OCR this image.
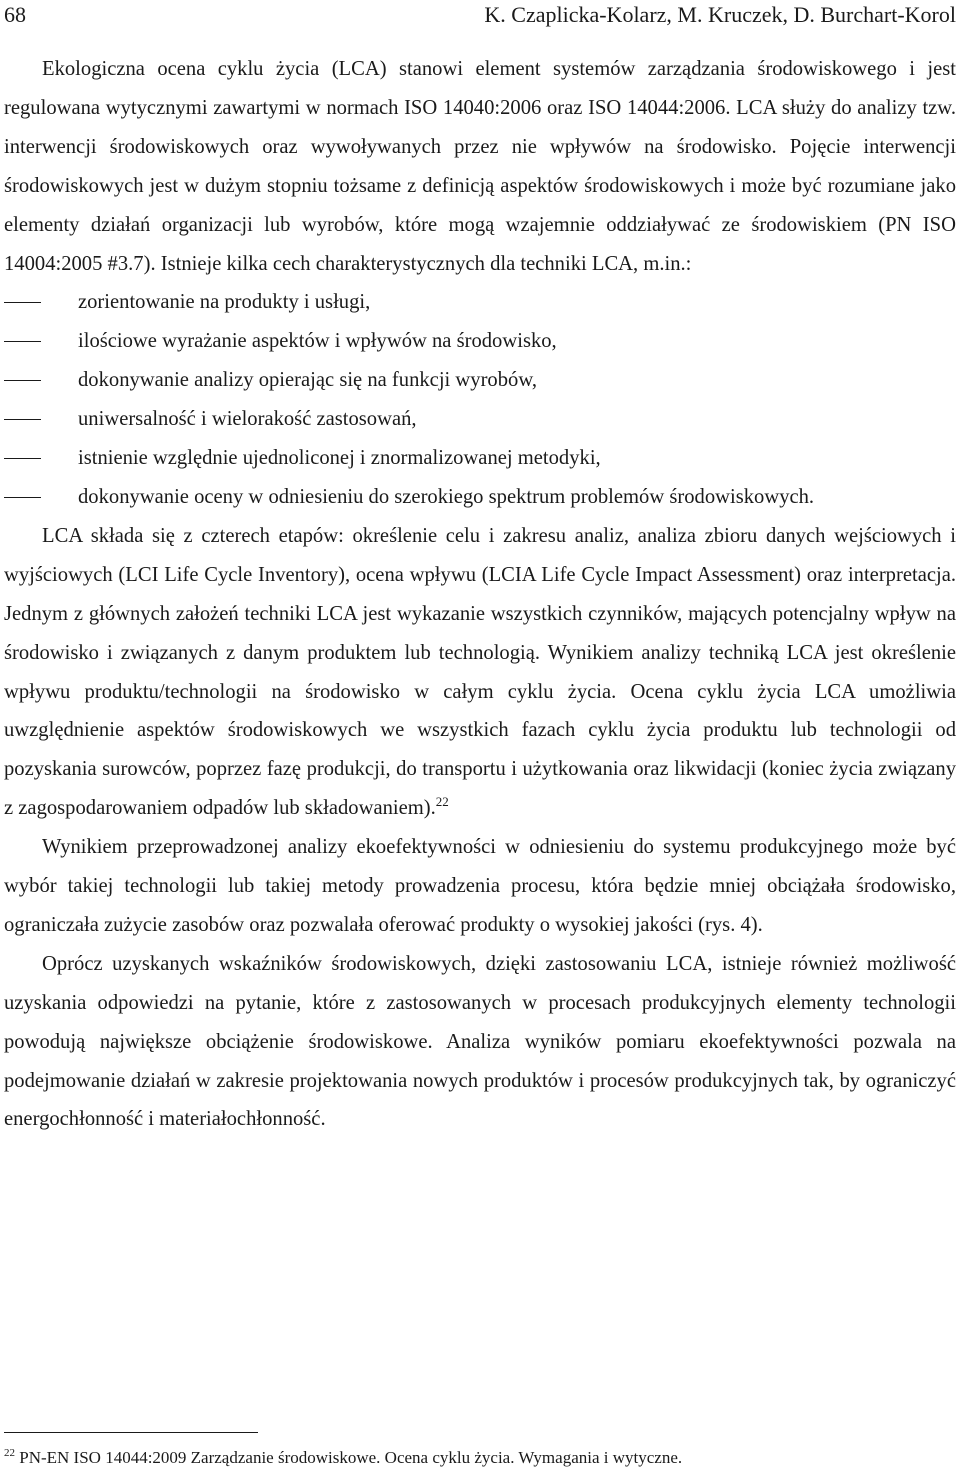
68	K. Czaplicka-Kolarz, M. Kruczek, D. Burchart-Korol

Ekologiczna ocena cyklu życia (LCA) stanowi element systemów zarządzania środowiskowego i jest regulowana wytycznymi zawartymi w normach ISO 14040:2006 oraz ISO 14044:2006. LCA służy do analizy tzw. interwencji środowiskowych oraz wywoływanych przez nie wpływów na środowisko. Pojęcie interwencji środowiskowych jest w dużym stopniu tożsame z definicją aspektów środowiskowych i może być rozumiane jako elementy działań organizacji lub wyrobów, które mogą wzajemnie oddziaływać ze środowiskiem (PN ISO 14004:2005 #3.7). Istnieje kilka cech charakterystycznych dla techniki LCA, m.in.:

zorientowanie na produkty i usługi,
ilościowe wyrażanie aspektów i wpływów na środowisko,
dokonywanie analizy opierając się na funkcji wyrobów,
uniwersalność i wielorakość zastosowań,
istnienie względnie ujednoliconej i znormalizowanej metodyki,
dokonywanie oceny w odniesieniu do szerokiego spektrum problemów środowiskowych.

LCA składa się z czterech etapów: określenie celu i zakresu analiz, analiza zbioru danych wejściowych i wyjściowych (LCI Life Cycle Inventory), ocena wpływu (LCIA Life Cycle Impact Assessment) oraz interpretacja. Jednym z głównych założeń techniki LCA jest wykazanie wszystkich czynników, mających potencjalny wpływ na środowisko i związanych z danym produktem lub technologią. Wynikiem analizy techniką LCA jest określenie wpływu produktu/technologii na środowisko w całym cyklu życia. Ocena cyklu życia LCA umożliwia uwzględnienie aspektów środowiskowych we wszystkich fazach cyklu życia produktu lub technologii od pozyskania surowców, poprzez fazę produkcji, do transportu i użytkowania oraz likwidacji (koniec życia związany z zagospodarowaniem odpadów lub składowaniem).$^{22}$

Wynikiem przeprowadzonej analizy ekoefektywności w odniesieniu do systemu produkcyjnego może być wybór takiej technologii lub takiej metody prowadzenia procesu, która będzie mniej obciążała środowisko, ograniczała zużycie zasobów oraz pozwalała oferować produkty o wysokiej jakości (rys. 4).

Oprócz uzyskanych wskaźników środowiskowych, dzięki zastosowaniu LCA, istnieje również możliwość uzyskania odpowiedzi na pytanie, które z zastosowanych w procesach produkcyjnych elementy technologii powodują największe obciążenie środowiskowe. Analiza wyników pomiaru ekoefektywności pozwala na podejmowanie działań w zakresie projektowania nowych produktów i procesów produkcyjnych tak, by ograniczyć energochłonność i materiałochłonność.

$^{22}$ PN-EN ISO 14044:2009 Zarządzanie środowiskowe. Ocena cyklu życia. Wymagania i wytyczne.
